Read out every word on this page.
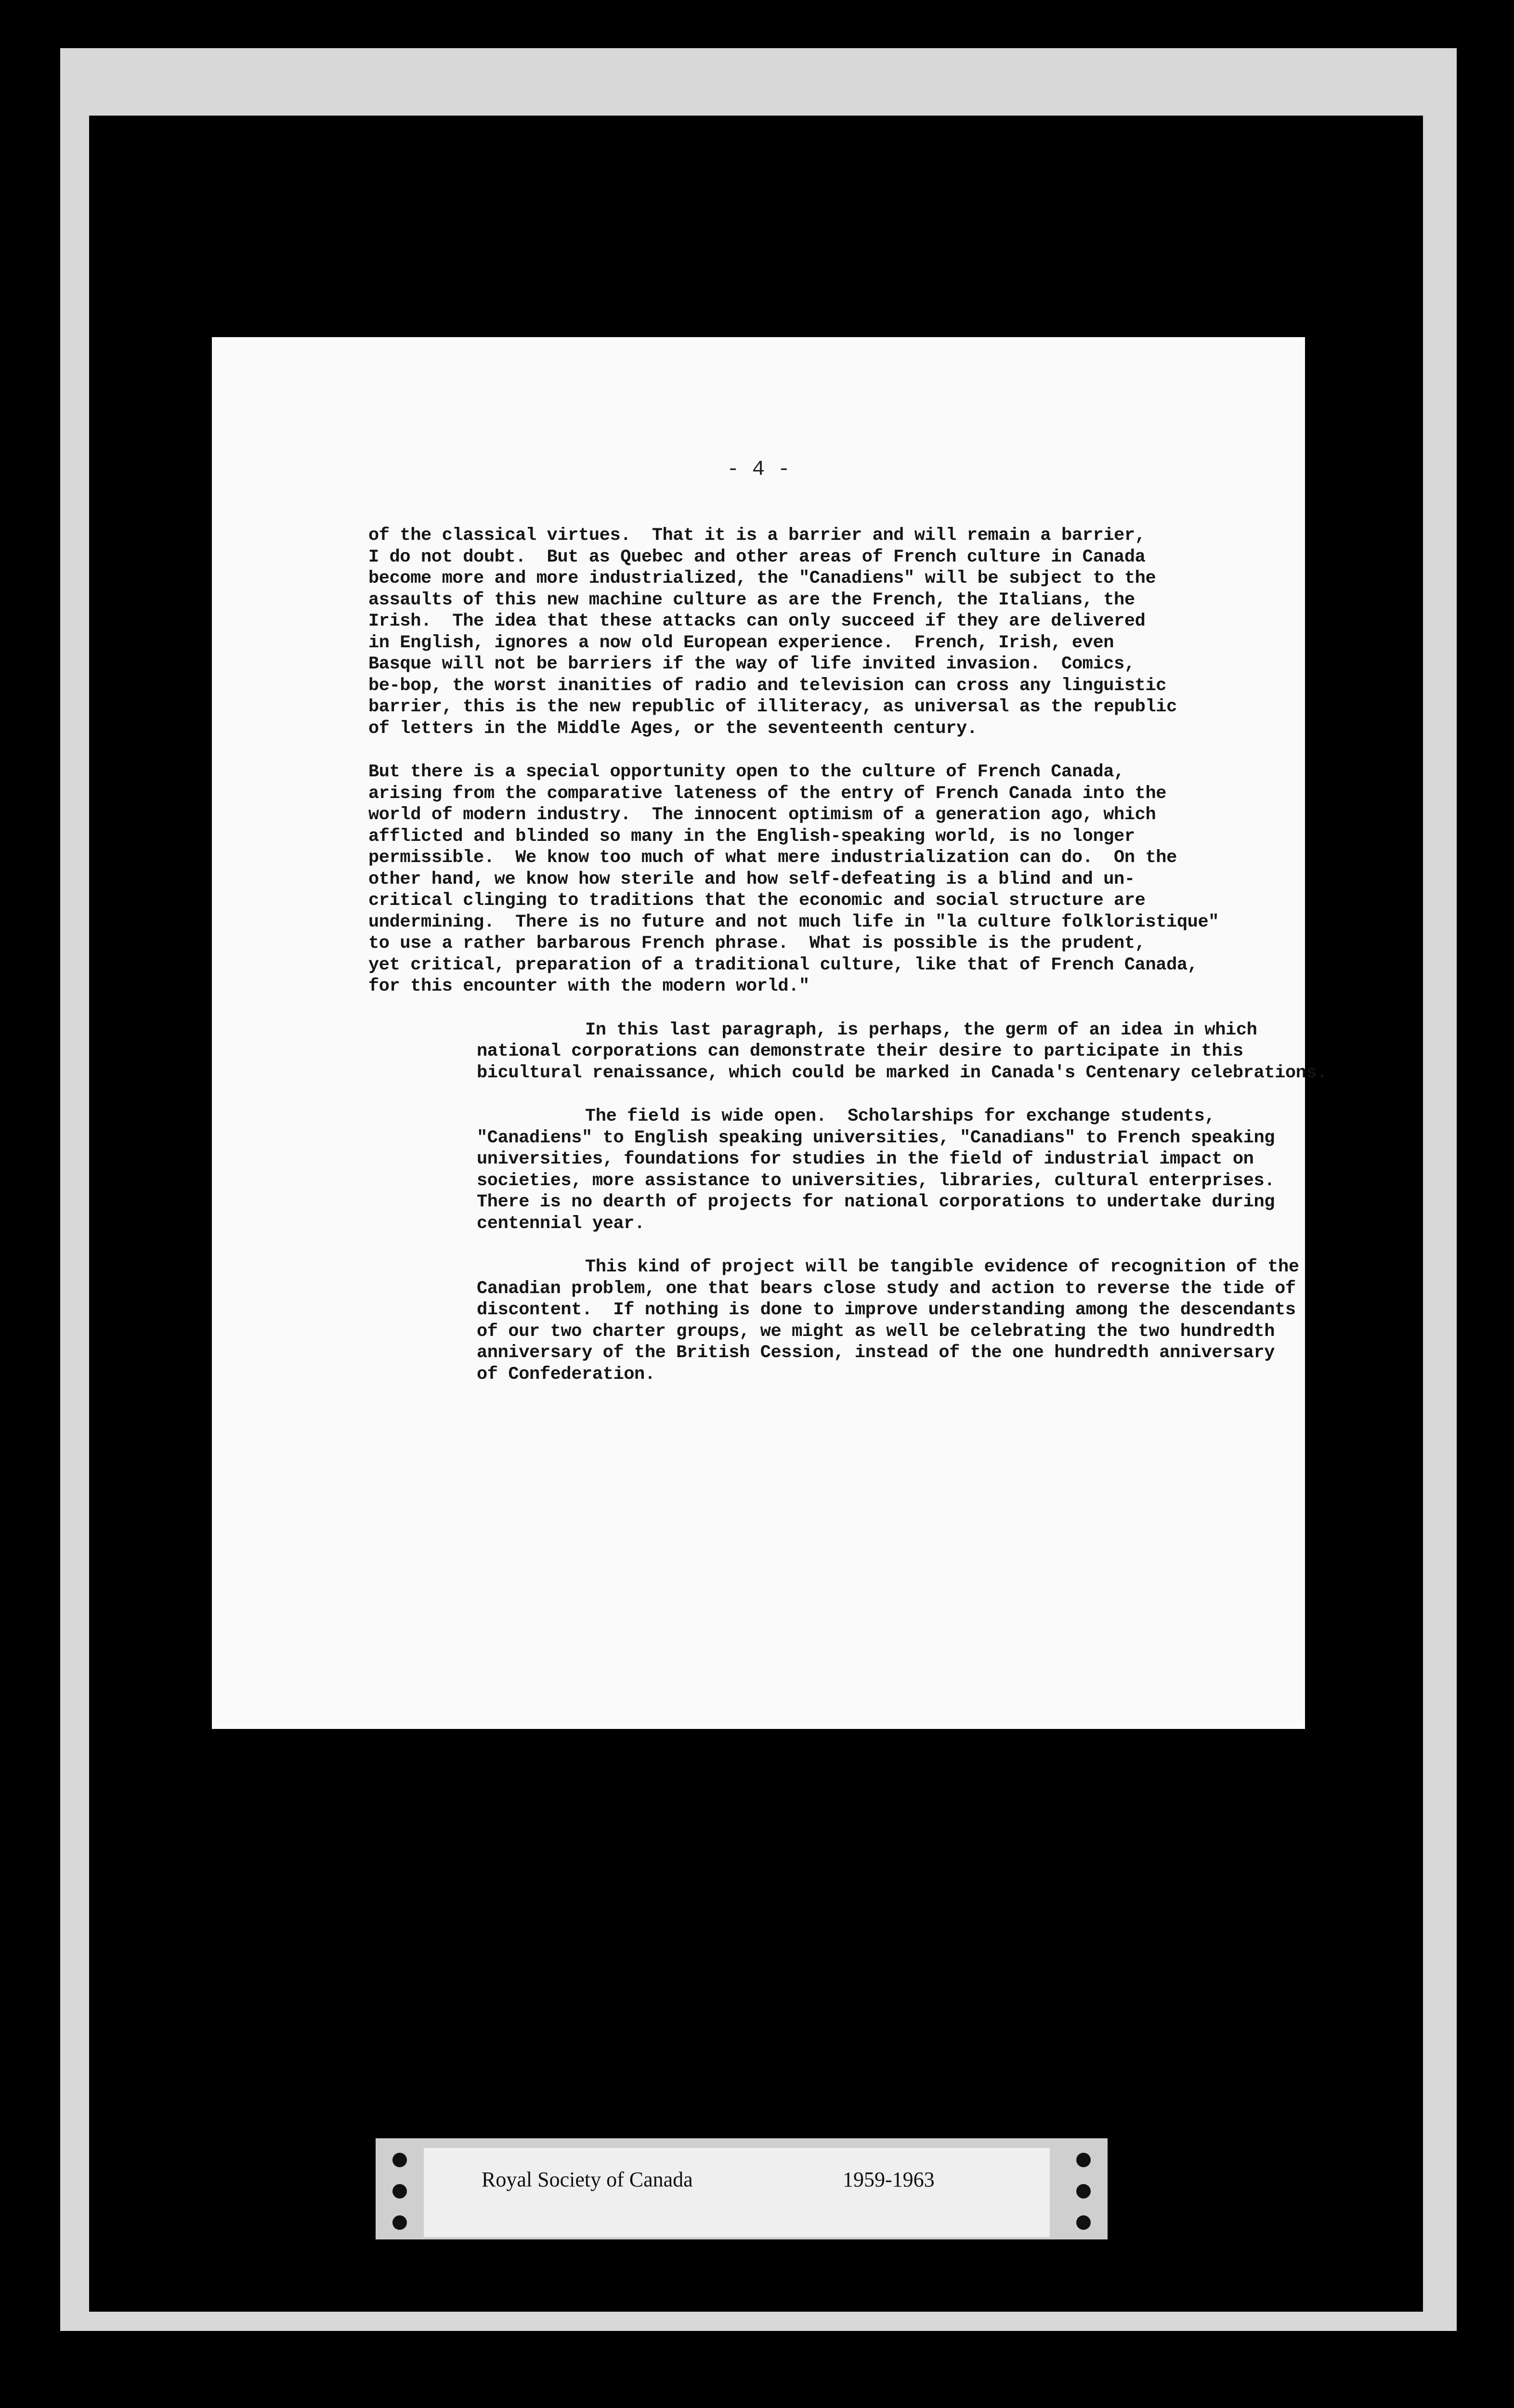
- 4 -
of the classical virtues.  That it is a barrier and will remain a barrier,
I do not doubt.  But as Quebec and other areas of French culture in Canada
become more and more industrialized, the "Canadiens" will be subject to the
assaults of this new machine culture as are the French, the Italians, the
Irish.  The idea that these attacks can only succeed if they are delivered
in English, ignores a now old European experience.  French, Irish, even
Basque will not be barriers if the way of life invited invasion.  Comics,
be-bop, the worst inanities of radio and television can cross any linguistic
barrier, this is the new republic of illiteracy, as universal as the republic
of letters in the Middle Ages, or the seventeenth century.
But there is a special opportunity open to the culture of French Canada,
arising from the comparative lateness of the entry of French Canada into the
world of modern industry.  The innocent optimism of a generation ago, which
afflicted and blinded so many in the English-speaking world, is no longer
permissible.  We know too much of what mere industrialization can do.  On the
other hand, we know how sterile and how self-defeating is a blind and un-
critical clinging to traditions that the economic and social structure are
undermining.  There is no future and not much life in "la culture folkloristique"
to use a rather barbarous French phrase.  What is possible is the prudent,
yet critical, preparation of a traditional culture, like that of French Canada,
for this encounter with the modern world."
In this last paragraph, is perhaps, the germ of an idea in which
national corporations can demonstrate their desire to participate in this
bicultural renaissance, which could be marked in Canada's Centenary celebrations.
The field is wide open.  Scholarships for exchange students,
"Canadiens" to English speaking universities, "Canadians" to French speaking
universities, foundations for studies in the field of industrial impact on
societies, more assistance to universities, libraries, cultural enterprises.
There is no dearth of projects for national corporations to undertake during
centennial year.
This kind of project will be tangible evidence of recognition of the
Canadian problem, one that bears close study and action to reverse the tide of
discontent.  If nothing is done to improve understanding among the descendants
of our two charter groups, we might as well be celebrating the two hundredth
anniversary of the British Cession, instead of the one hundredth anniversary
of Confederation.
Royal Society of Canada	1959-1963
